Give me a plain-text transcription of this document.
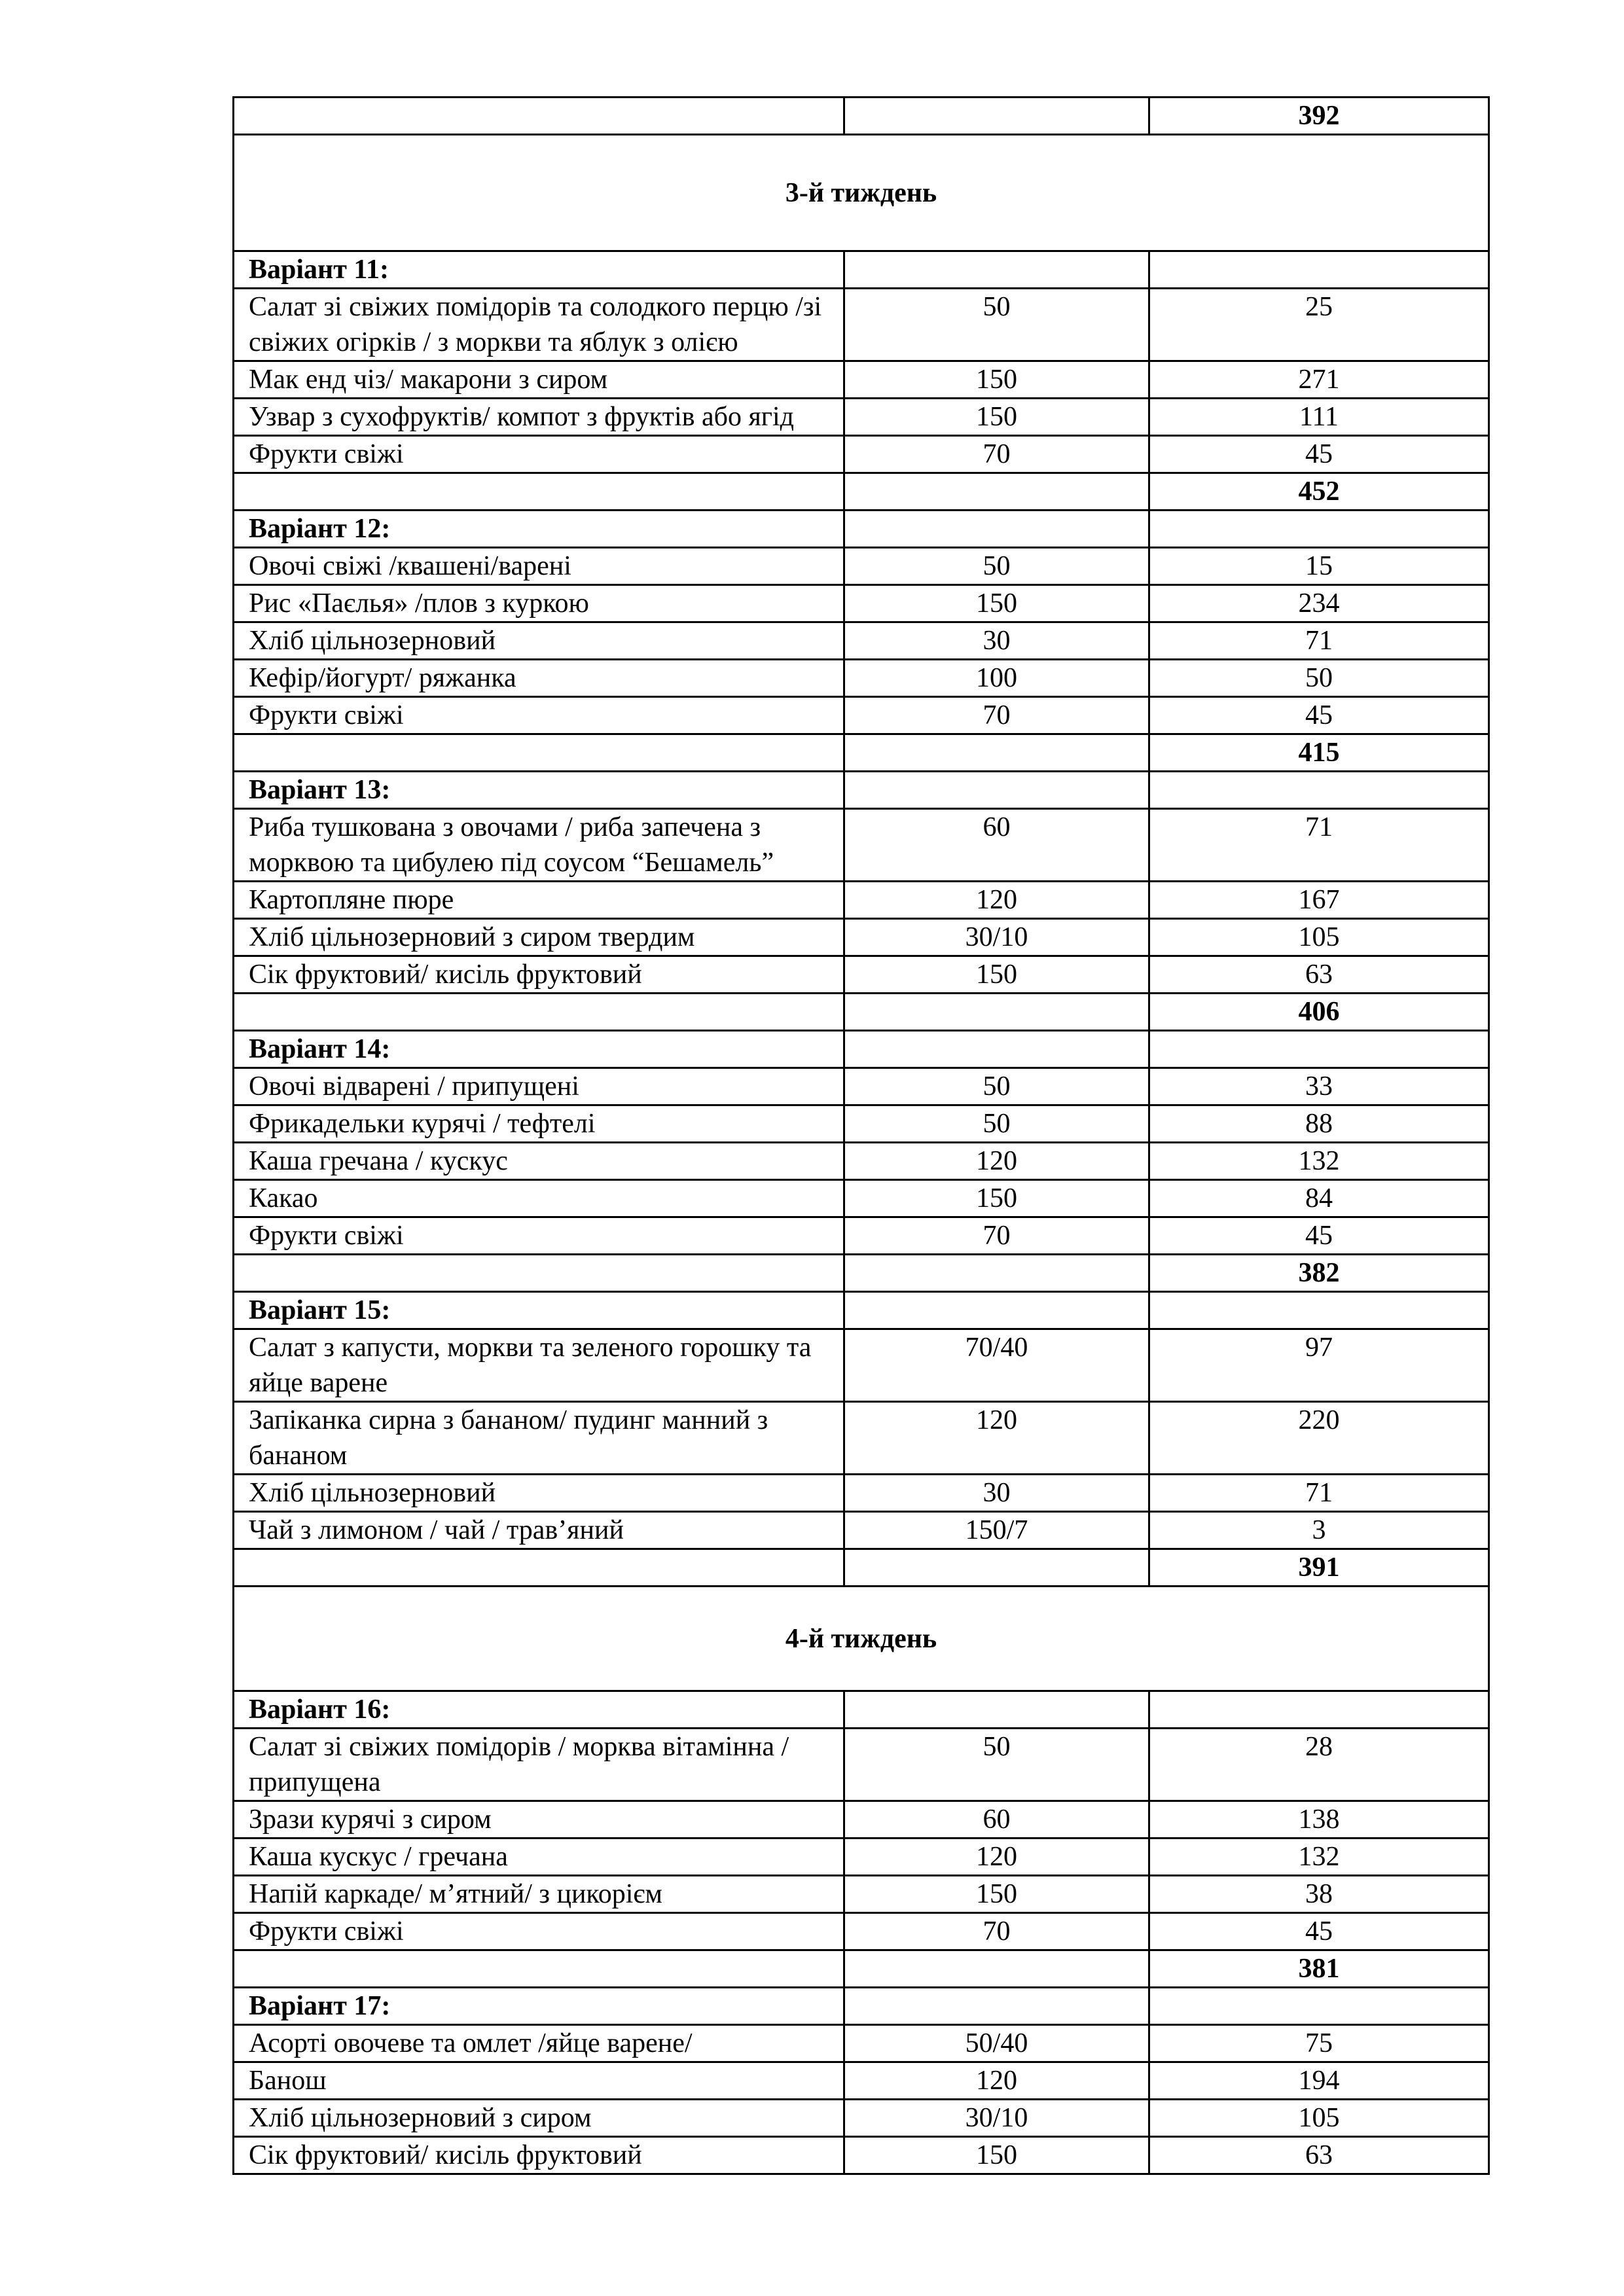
		392
3-й тиждень		
Варіант 11:		
Салат зі свіжих помідорів та солодкого перцю /зі свіжих огірків / з моркви та яблук з олією	50	25
Мак енд чіз/ макарони з сиром	150	271
Узвар з сухофруктів/ компот з фруктів або ягід	150	111
Фрукти свіжі	70	45
		452
Варіант 12:		
Овочі свіжі /квашені/варені	50	15
Рис «Паєлья» /плов з куркою	150	234
Хліб цільнозерновий	30	71
Кефір/йогурт/ ряжанка	100	50
Фрукти свіжі	70	45
		415
Варіант 13:		
Риба тушкована з овочами / риба запечена з морквою та цибулею під соусом “Бешамель”	60	71
Картопляне пюре	120	167
Хліб цільнозерновий з сиром твердим	30/10	105
Сік фруктовий/ кисіль фруктовий	150	63
		406
Варіант 14:		
Овочі відварені / припущені	50	33
Фрикадельки курячі / тефтелі	50	88
Каша гречана / кускус	120	132
Какао	150	84
Фрукти свіжі	70	45
		382
Варіант 15:		
Салат з капусти, моркви та зеленого горошку та яйце варене	70/40	97
Запіканка сирна з бананом/ пудинг манний з бананом	120	220
Хліб цільнозерновий	30	71
Чай з лимоном / чай / трав’яний	150/7	3
		391
4-й тиждень		
Варіант 16:		
Салат зі свіжих помідорів / морква вітамінна / припущена	50	28
Зрази курячі з сиром	60	138
Каша кускус / гречана	120	132
Напій каркаде/ м’ятний/ з цикорієм	150	38
Фрукти свіжі	70	45
		381
Варіант 17:		
Асорті овочеве та омлет /яйце варене/	50/40	75
Банош	120	194
Хліб цільнозерновий з сиром	30/10	105
Сік фруктовий/ кисіль фруктовий	150	63
